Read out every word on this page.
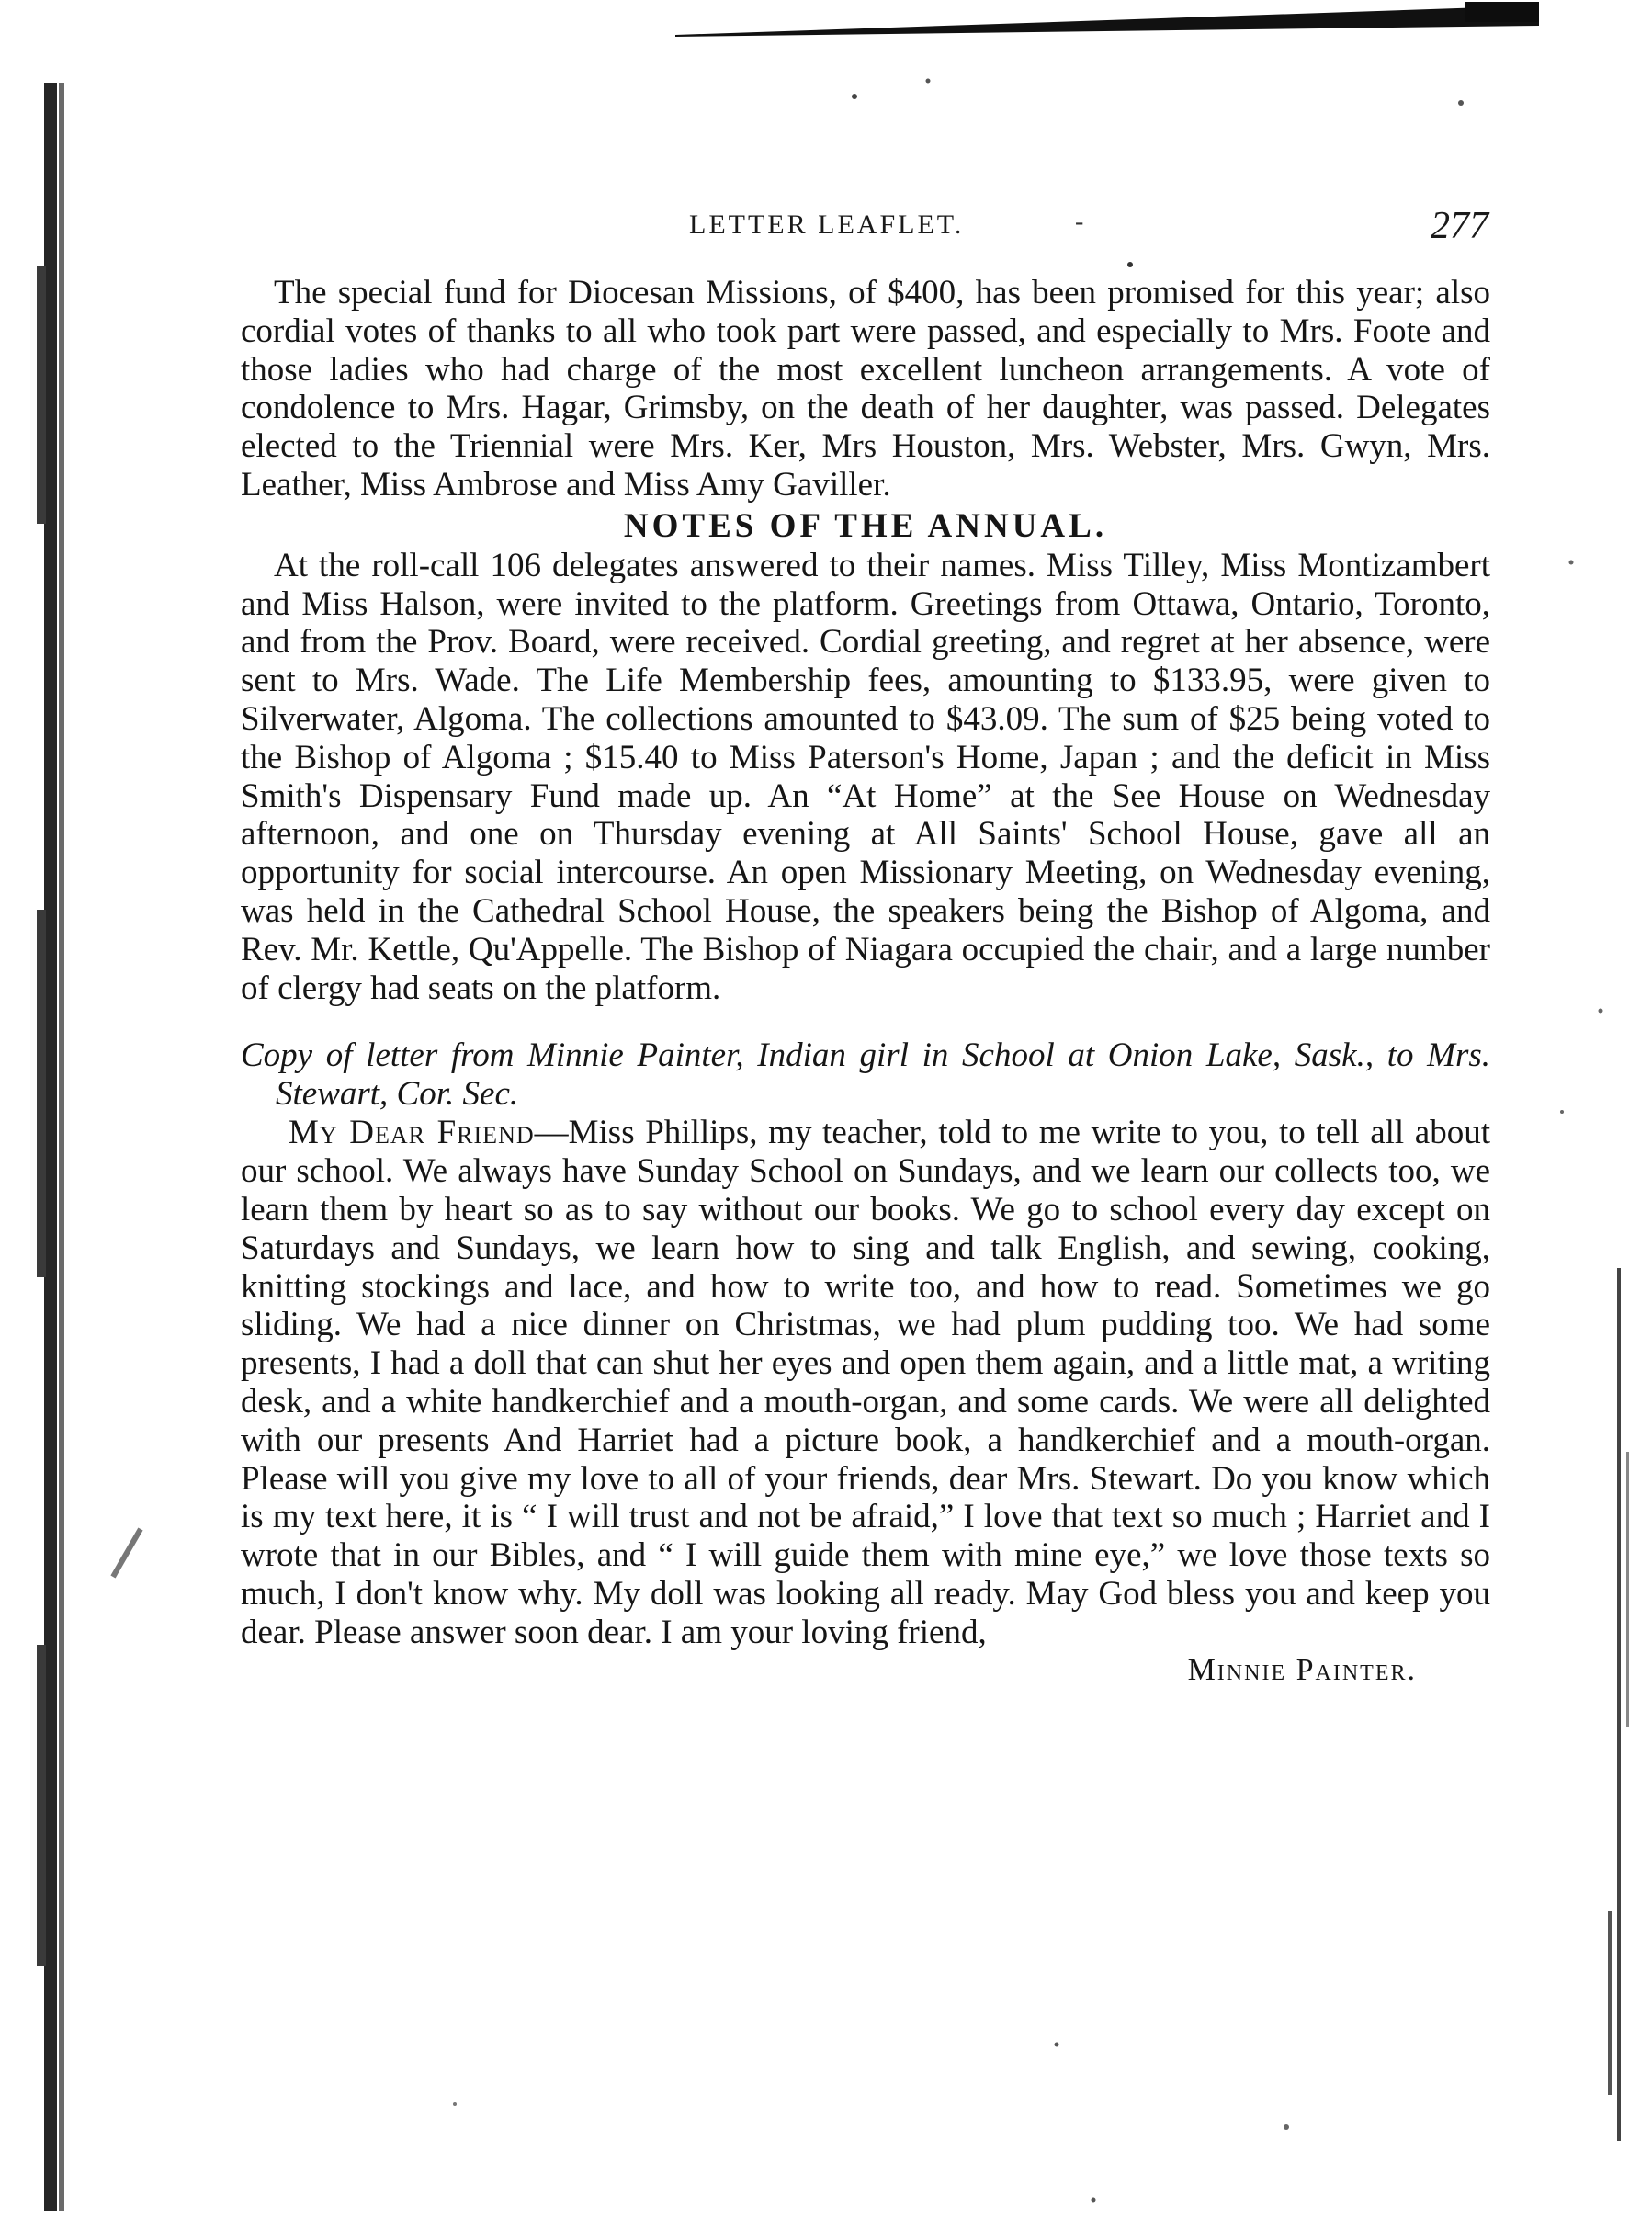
LETTER LEAFLET.	-	277

The special fund for Diocesan Missions, of $400, has been promised for this year; also cordial votes of thanks to all who took part were passed, and especially to Mrs. Foote and those ladies who had charge of the most excellent luncheon arrangements. A vote of condolence to Mrs. Hagar, Grimsby, on the death of her daughter, was passed. Delegates elected to the Triennial were Mrs. Ker, Mrs Houston, Mrs. Webster, Mrs. Gwyn, Mrs. Leather, Miss Ambrose and Miss Amy Gaviller.

NOTES OF THE ANNUAL.

At the roll-call 106 delegates answered to their names. Miss Tilley, Miss Montizambert and Miss Halson, were invited to the platform. Greetings from Ottawa, Ontario, Toronto, and from the Prov. Board, were received. Cordial greeting, and regret at her absence, were sent to Mrs. Wade. The Life Membership fees, amounting to $133.95, were given to Silverwater, Algoma. The collections amounted to $43.09. The sum of $25 being voted to the Bishop of Algoma ; $15.40 to Miss Paterson's Home, Japan ; and the deficit in Miss Smith's Dispensary Fund made up. An “At Home” at the See House on Wednesday afternoon, and one on Thursday evening at All Saints' School House, gave all an opportunity for social intercourse. An open Missionary Meeting, on Wednesday evening, was held in the Cathedral School House, the speakers being the Bishop of Algoma, and Rev. Mr. Kettle, Qu'Appelle. The Bishop of Niagara occupied the chair, and a large number of clergy had seats on the platform.

Copy of letter from Minnie Painter, Indian girl in School at Onion Lake, Sask., to Mrs. Stewart, Cor. Sec.

My Dear Friend—Miss Phillips, my teacher, told to me write to you, to tell all about our school. We always have Sunday School on Sundays, and we learn our collects too, we learn them by heart so as to say without our books. We go to school every day except on Saturdays and Sundays, we learn how to sing and talk English, and sewing, cooking, knitting stockings and lace, and how to write too, and how to read. Sometimes we go sliding. We had a nice dinner on Christmas, we had plum pudding too. We had some presents, I had a doll that can shut her eyes and open them again, and a little mat, a writing desk, and a white handkerchief and a mouth-organ, and some cards. We were all delighted with our presents And Harriet had a picture book, a handkerchief and a mouth-organ. Please will you give my love to all of your friends, dear Mrs. Stewart. Do you know which is my text here, it is “ I will trust and not be afraid,” I love that text so much ; Harriet and I wrote that in our Bibles, and “ I will guide them with mine eye,” we love those texts so much, I don't know why. My doll was looking all ready. May God bless you and keep you dear. Please answer soon dear. I am your loving friend,

Minnie Painter.
